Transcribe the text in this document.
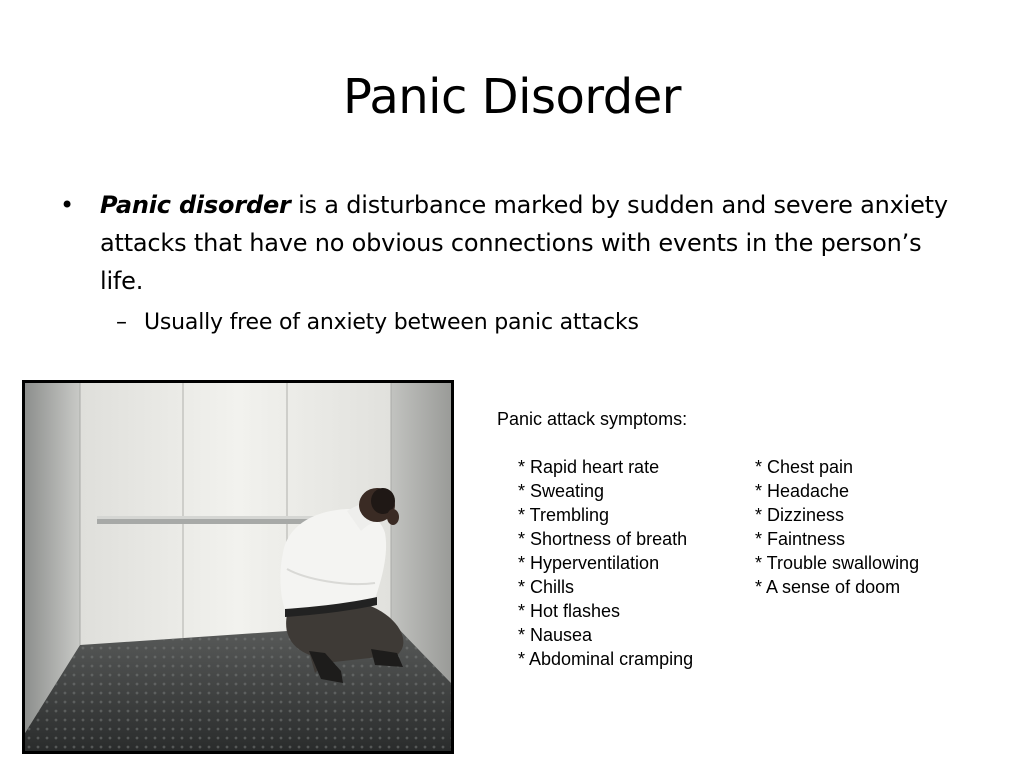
Panic Disorder
•	Panic disorder is a disturbance marked by sudden and severe anxiety attacks that have no obvious connections with events in the person’s life.
– Usually free of anxiety between panic attacks
Panic attack symptoms:
* Rapid heart rate
* Sweating
* Trembling
* Shortness of breath
* Hyperventilation
* Chills
* Hot flashes
* Nausea
* Abdominal cramping
* Chest pain
* Headache
* Dizziness
* Faintness
* Trouble swallowing
* A sense of doom
